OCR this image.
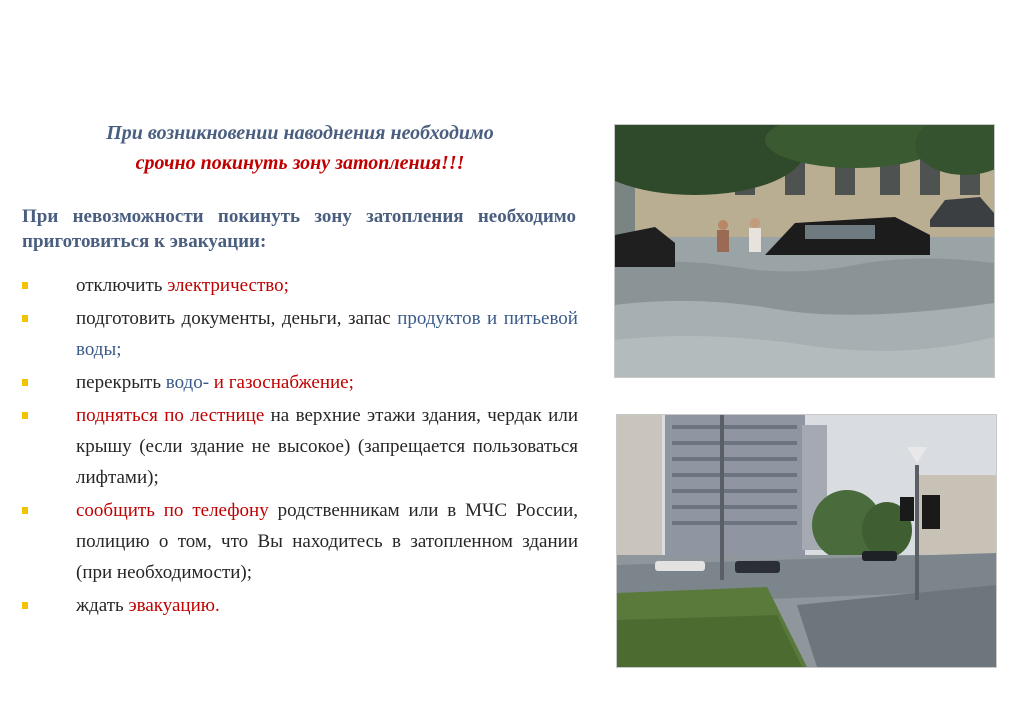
При возникновении наводнения необходимо
срочно покинуть зону затопления!!!
При невозможности покинуть зону затопления необходимо приготовиться к эвакуации:
отключить электричество;
подготовить документы, деньги, запас продуктов и питьевой воды;
перекрыть водо- и газоснабжение;
подняться по лестнице на верхние этажи здания, чердак или крышу (если здание не высокое) (запрещается пользоваться лифтами);
сообщить по телефону родственникам или в МЧС России, полицию о том, что Вы находитесь в затопленном здании (при необходимости);
ждать эвакуацию.
